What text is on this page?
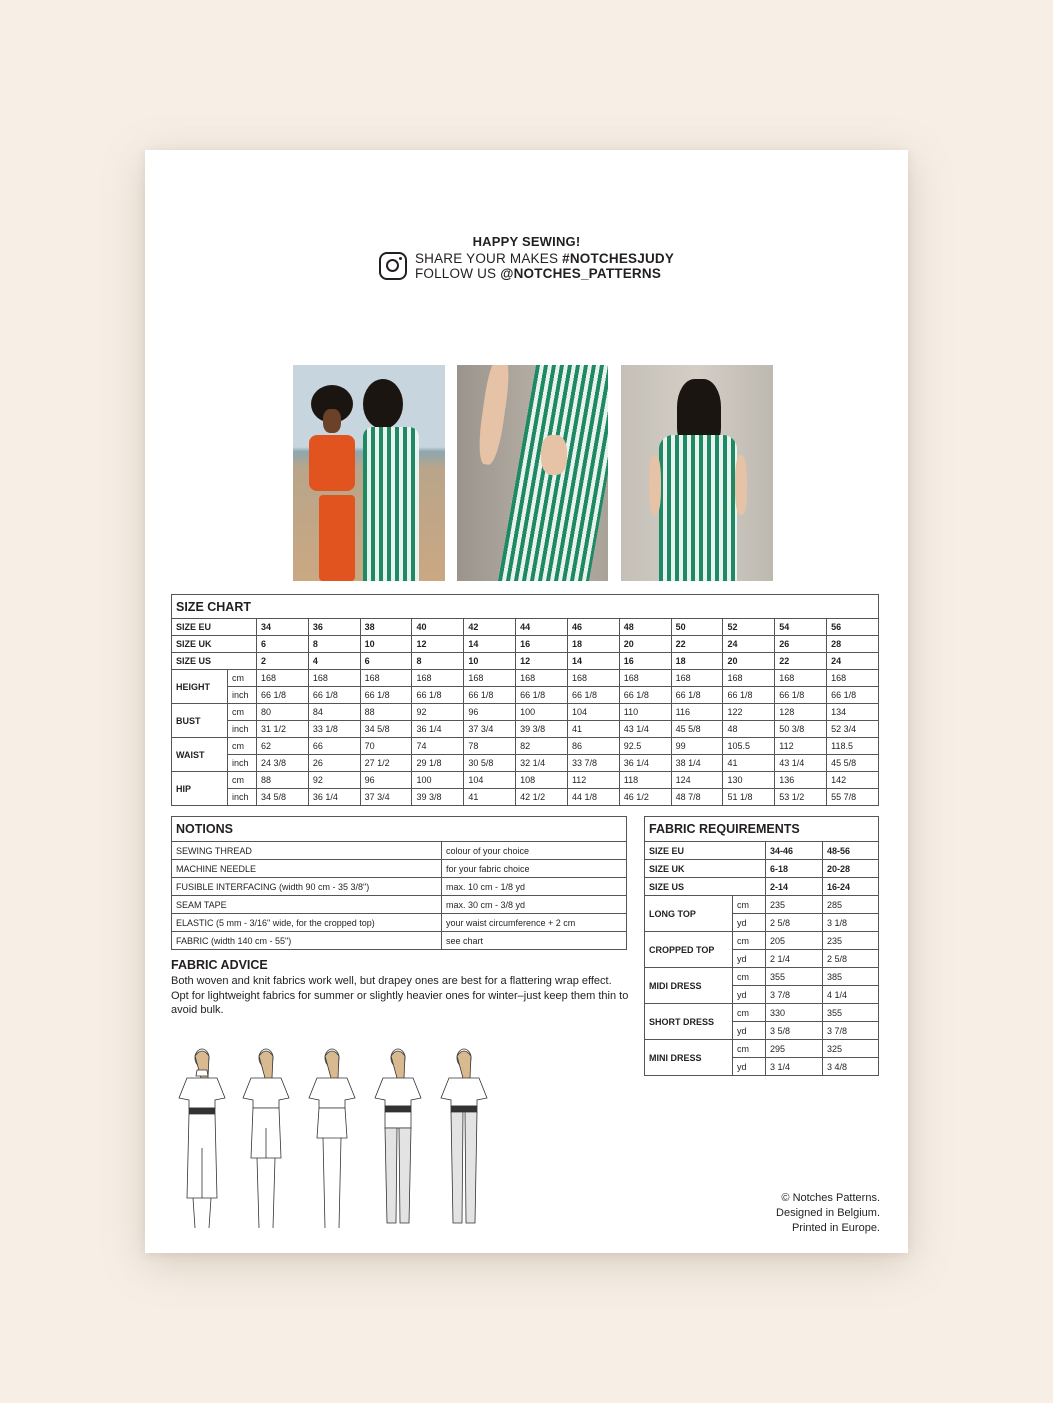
HAPPY SEWING!
SHARE YOUR MAKES #NOTCHESJUDY
FOLLOW US @NOTCHES_PATTERNS
SIZE CHART													
SIZE EU		34	36	38	40	42	44	46	48	50	52	54	56
SIZE UK		6	8	10	12	14	16	18	20	22	24	26	28
SIZE US		2	4	6	8	10	12	14	16	18	20	22	24
HEIGHT	cm	168	168	168	168	168	168	168	168	168	168	168	168
	inch	66 1/8	66 1/8	66 1/8	66 1/8	66 1/8	66 1/8	66 1/8	66 1/8	66 1/8	66 1/8	66 1/8	66 1/8
BUST	cm	80	84	88	92	96	100	104	110	116	122	128	134
	inch	31 1/2	33 1/8	34 5/8	36 1/4	37 3/4	39 3/8	41	43 1/4	45 5/8	48	50 3/8	52 3/4
WAIST	cm	62	66	70	74	78	82	86	92.5	99	105.5	112	118.5
	inch	24 3/8	26	27 1/2	29 1/8	30 5/8	32 1/4	33 7/8	36 1/4	38 1/4	41	43 1/4	45 5/8
HIP	cm	88	92	96	100	104	108	112	118	124	130	136	142
	inch	34 5/8	36 1/4	37 3/4	39 3/8	41	42 1/2	44 1/8	46 1/2	48 7/8	51 1/8	53 1/2	55 7/8
NOTIONS	
SEWING THREAD	colour of your choice
MACHINE NEEDLE	for your fabric choice
FUSIBLE INTERFACING (width 90 cm - 35 3/8")	max. 10 cm - 1/8 yd
SEAM TAPE	max. 30 cm - 3/8 yd
ELASTIC (5 mm - 3/16" wide, for the cropped top)	your waist circumference + 2 cm
FABRIC (width 140 cm - 55")	see chart
FABRIC REQUIREMENTS			
SIZE EU		34-46	48-56
SIZE UK		6-18	20-28
SIZE US		2-14	16-24
LONG TOP	cm	235	285
	yd	2 5/8	3 1/8
CROPPED TOP	cm	205	235
	yd	2 1/4	2 5/8
MIDI DRESS	cm	355	385
	yd	3 7/8	4 1/4
SHORT DRESS	cm	330	355
	yd	3 5/8	3 7/8
MINI DRESS	cm	295	325
	yd	3 1/4	3 4/8
FABRIC ADVICE

Both woven and knit fabrics work well, but drapey ones are best for a flattering wrap effect. Opt for lightweight fabrics for summer or slightly heavier ones for winter–just keep them thin to avoid bulk.

© Notches Patterns.
Designed in Belgium.
Printed in Europe.
